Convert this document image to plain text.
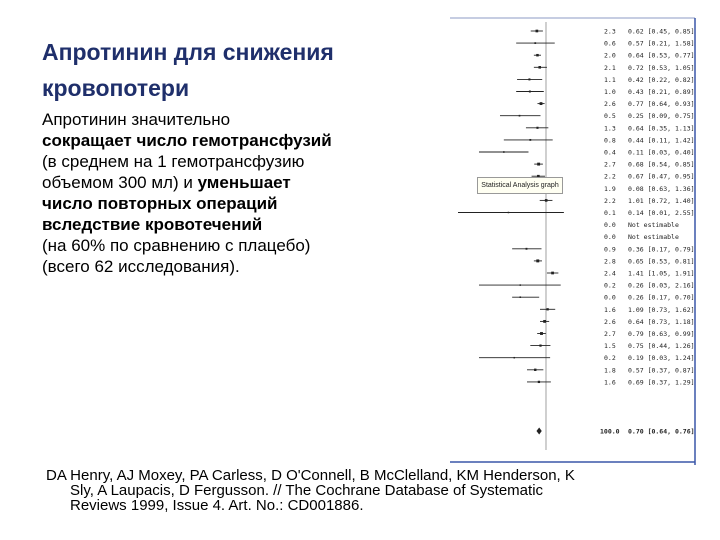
Апротинин для снижения
кровопотери
Апротинин значительно
сокращает число гемотрансфузий
(в среднем на 1 гемотрансфузию
объемом 300 мл) и уменьшает
число повторных операций
вследствие кровотечений
(на 60% по сравнению с плацебо)
(всего 62 исследования).
2.3 0.62 [0.45, 0.85]
0.6 0.57 [0.21, 1.58]
2.0 0.64 [0.53, 0.77]
2.1 0.72 [0.53, 1.05]
1.1 0.42 [0.22, 0.82]
1.0 0.43 [0.21, 0.89]
2.6 0.77 [0.64, 0.93]
0.5 0.25 [0.09, 0.75]
1.3 0.64 [0.35, 1.13]
0.8 0.44 [0.11, 1.42]
0.4 0.11 [0.03, 0.40]
2.7 0.68 [0.54, 0.85]
2.2 0.67 [0.47, 0.95]
1.9 0.08 [0.63, 1.36]
2.2 1.01 [0.72, 1.40]
0.1 0.14 [0.01, 2.55]
0.0 Not estimable
0.0 Not estimable
0.9 0.36 [0.17, 0.79]
2.8 0.65 [0.53, 0.81]
2.4 1.41 [1.05, 1.91]
0.2 0.26 [0.03, 2.16]
0.0 0.26 [0.17, 0.70]
1.6 1.09 [0.73, 1.62]
2.6 0.64 [0.73, 1.18]
2.7 0.79 [0.63, 0.99]
1.5 0.75 [0.44, 1.26]
0.2 0.19 [0.03, 1.24]
1.8 0.57 [0.37, 0.87]
1.6 0.69 [0.37, 1.29]
100.0 0.70 [0.64, 0.76]
Statistical Analysis graph
DA Henry, AJ Moxey, PA Carless, D O'Connell, B McClelland, KM Henderson, K
Sly, A Laupacis, D Fergusson. // The Cochrane Database of Systematic
Reviews 1999, Issue 4. Art. No.: CD001886.
